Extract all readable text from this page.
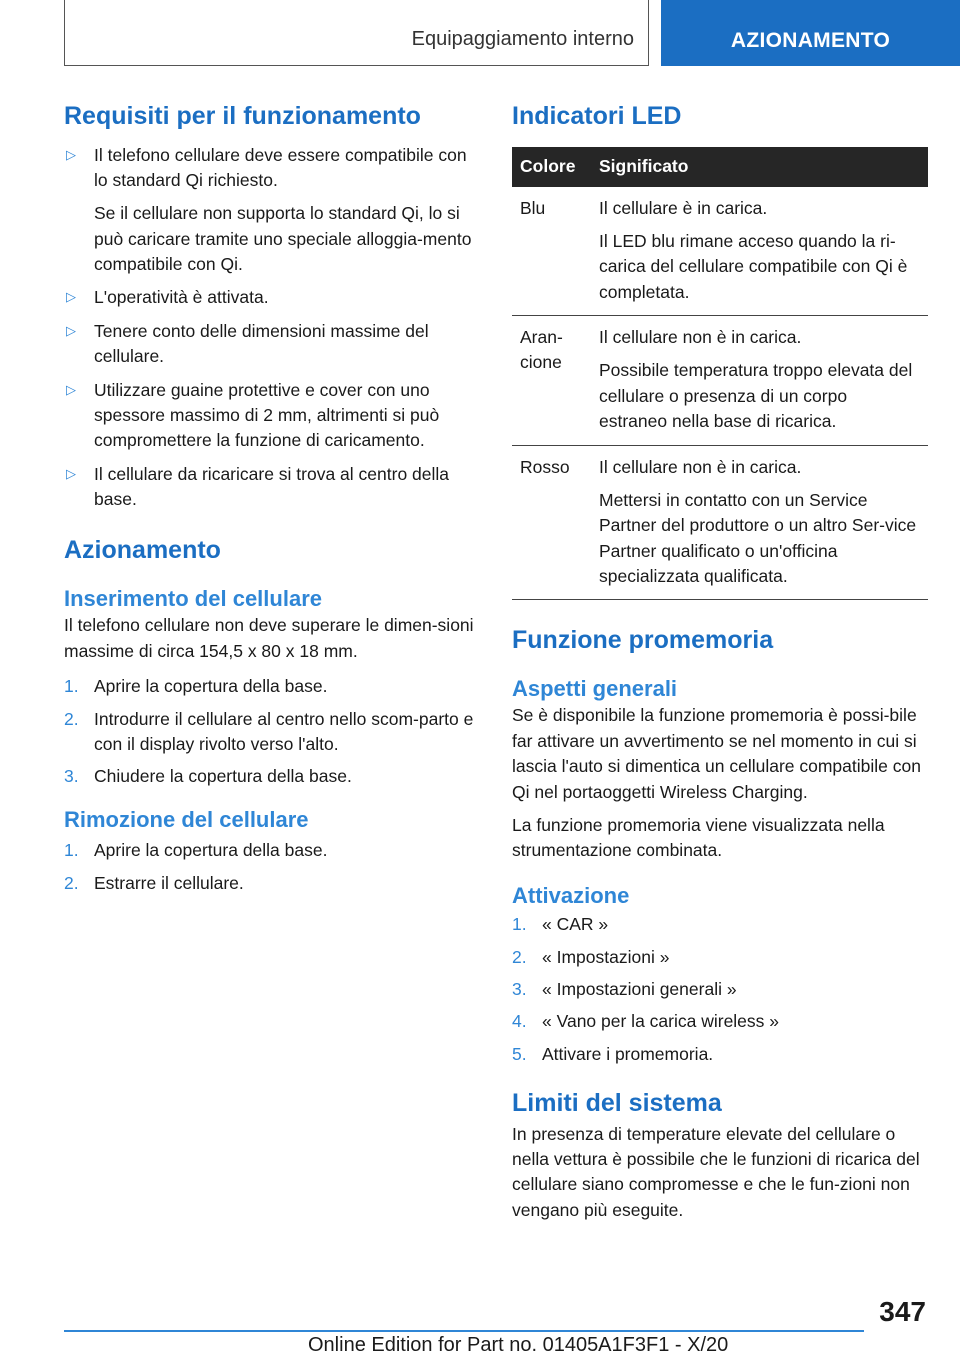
Equipaggiamento interno	AZIONAMENTO
Requisiti per il funzionamento
▷ Il telefono cellulare deve essere compatibile con lo standard Qi richiesto.
Se il cellulare non supporta lo standard Qi, lo si può caricare tramite uno speciale alloggia-mento compatibile con Qi.
▷ L'operatività è attivata.
▷ Tenere conto delle dimensioni massime del cellulare.
▷ Utilizzare guaine protettive e cover con uno spessore massimo di 2 mm, altrimenti si può compromettere la funzione di caricamento.
▷ Il cellulare da ricaricare si trova al centro della base.
Azionamento
Inserimento del cellulare

Il telefono cellulare non deve superare le dimen-sioni massime di circa 154,5 x 80 x 18 mm.

1. Aprire la copertura della base.
2. Introdurre il cellulare al centro nello scom-parto e con il display rivolto verso l'alto.
3. Chiudere la copertura della base.
Rimozione del cellulare
1. Aprire la copertura della base.
2. Estrarre il cellulare.
Indicatori LED
Colore	Significato
Blu	Il cellulare è in carica.

Il LED blu rimane acceso quando la ri-carica del cellulare compatibile con Qi è completata.

Aran-cione	Il cellulare non è in carica.

Possibile temperatura troppo elevata del cellulare o presenza di un corpo estraneo nella base di ricarica.

Rosso	Il cellulare non è in carica.

Mettersi in contatto con un Service Partner del produttore o un altro Ser-vice Partner qualificato o un'officina specializzata qualificata.

Funzione promemoria
Aspetti generali

Se è disponibile la funzione promemoria è possi-bile far attivare un avvertimento se nel momento in cui si lascia l'auto si dimentica un cellulare compatibile con Qi nel portaoggetti Wireless Charging.

La funzione promemoria viene visualizzata nella strumentazione combinata.

Attivazione
1. « CAR »
2. « Impostazioni »
3. « Impostazioni generali »
4. « Vano per la carica wireless »
5. Attivare i promemoria.
Limiti del sistema

In presenza di temperature elevate del cellulare o nella vettura è possibile che le funzioni di ricarica del cellulare siano compromesse e che le fun-zioni non vengano più eseguite.

347
Online Edition for Part no. 01405A1F3F1 - X/20
